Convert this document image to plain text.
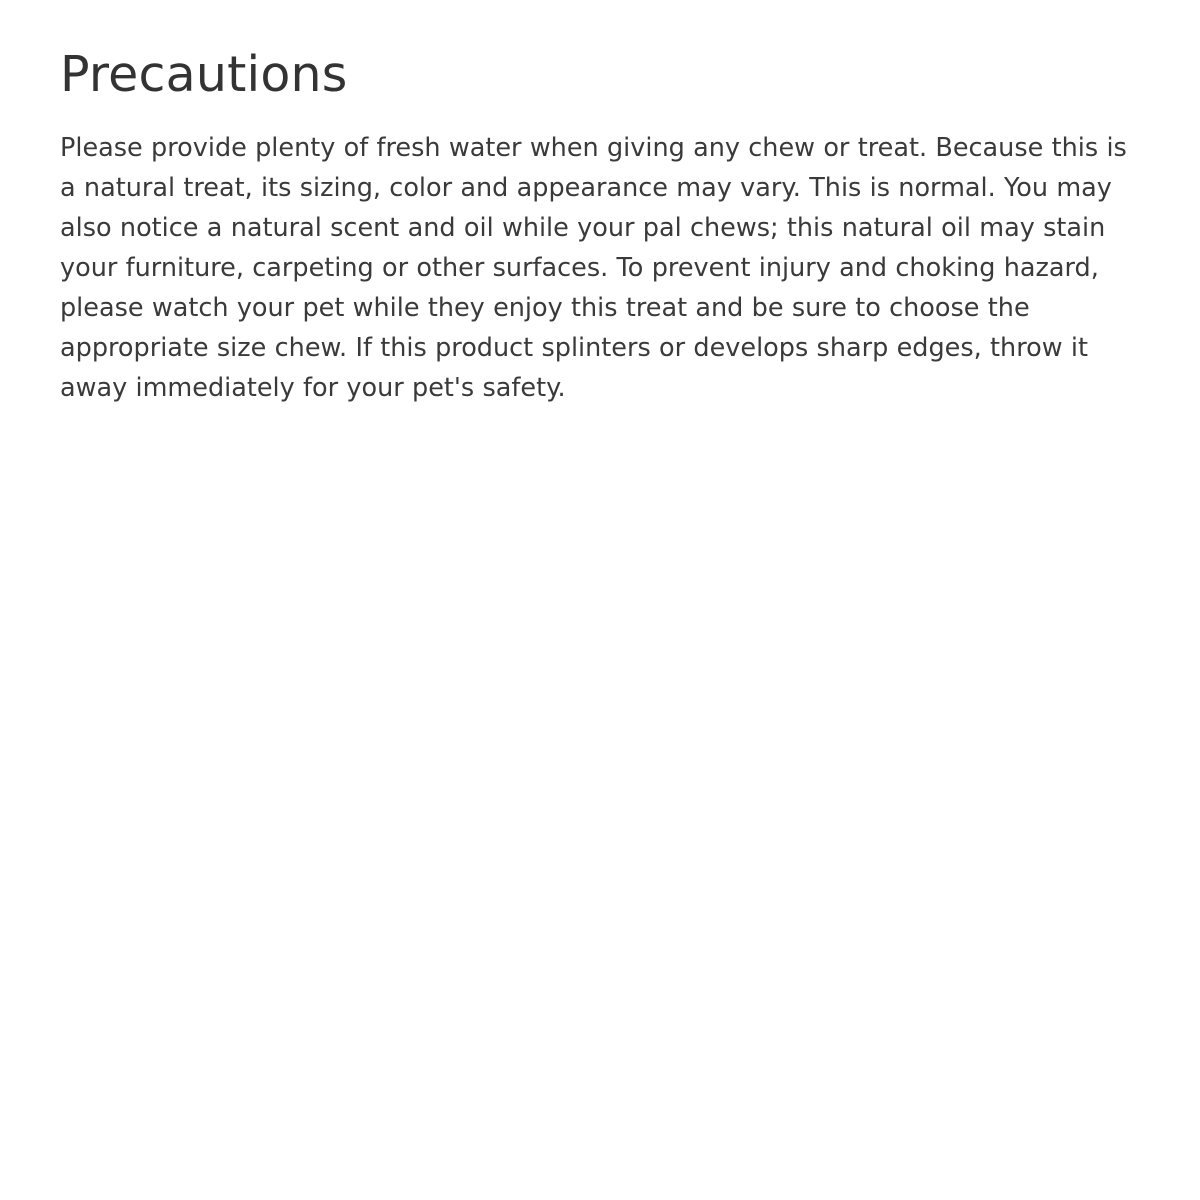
Precautions

Please provide plenty of fresh water when giving any chew or treat. Because this is a natural treat, its sizing, color and appearance may vary. This is normal. You may also notice a natural scent and oil while your pal chews; this natural oil may stain your furniture, carpeting or other surfaces. To prevent injury and choking hazard, please watch your pet while they enjoy this treat and be sure to choose the appropriate size chew. If this product splinters or develops sharp edges, throw it away immediately for your pet's safety.
